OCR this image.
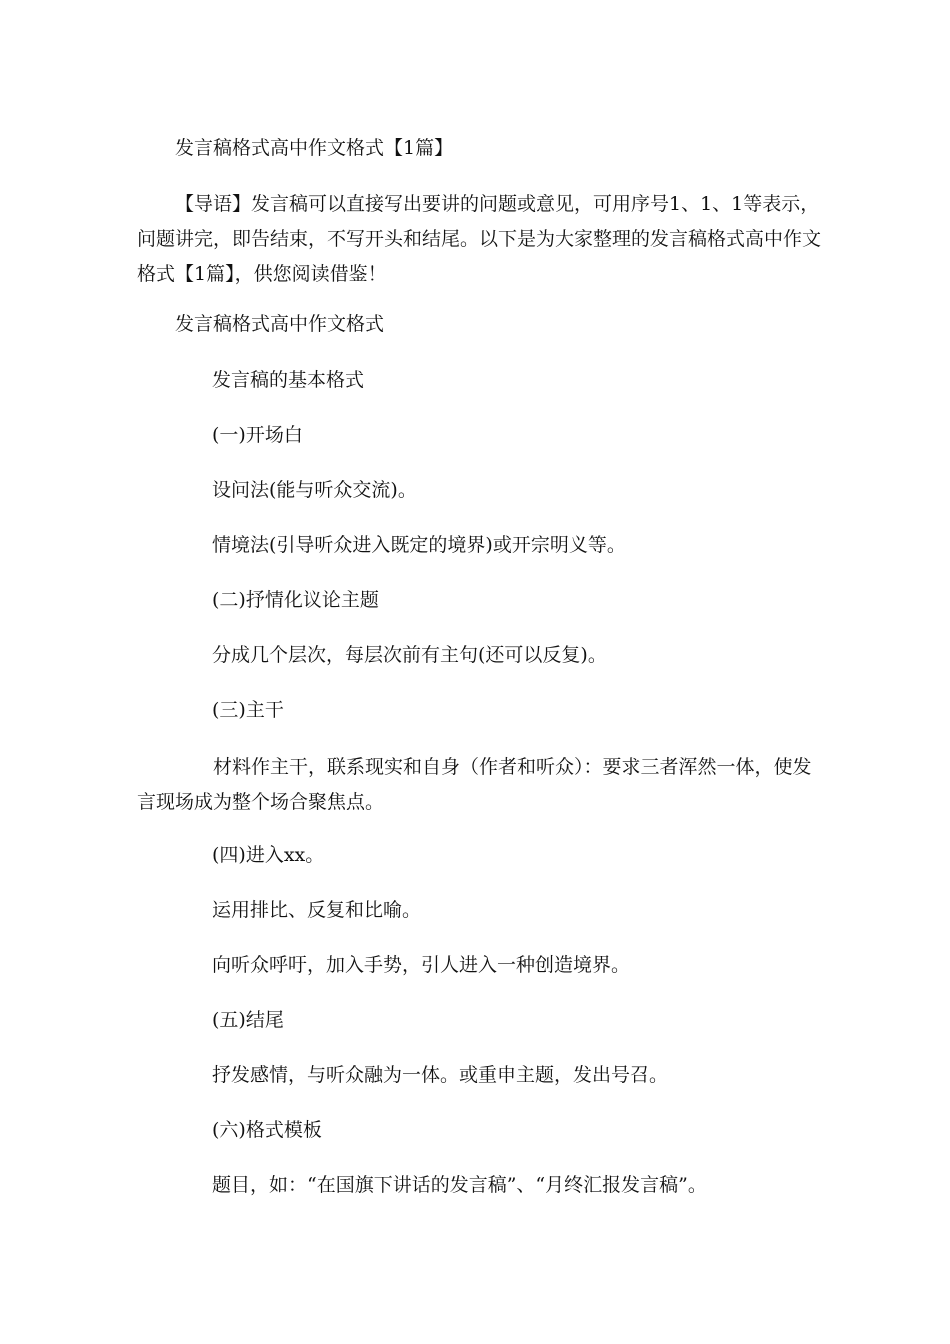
发言稿格式高中作文格式【1篇】

【导语】发言稿可以直接写出要讲的问题或意见，可用序号1、1、1等表示，问题讲完，即告结束，不写开头和结尾。以下是为大家整理的发言稿格式高中作文格式【1篇】，供您阅读借鉴！

发言稿格式高中作文格式

发言稿的基本格式

(一)开场白

设问法(能与听众交流)。

情境法(引导听众进入既定的境界)或开宗明义等。

(二)抒情化议论主题

分成几个层次，每层次前有主句(还可以反复)。

(三)主干

材料作主干，联系现实和自身（作者和听众）：要求三者浑然一体，使发言现场成为整个场合聚焦点。

(四)进入xx。

运用排比、反复和比喻。

向听众呼吁，加入手势，引人进入一种创造境界。

(五)结尾

抒发感情，与听众融为一体。或重申主题，发出号召。

(六)格式模板

题目，如：“在国旗下讲话的发言稿”、“月终汇报发言稿”。
